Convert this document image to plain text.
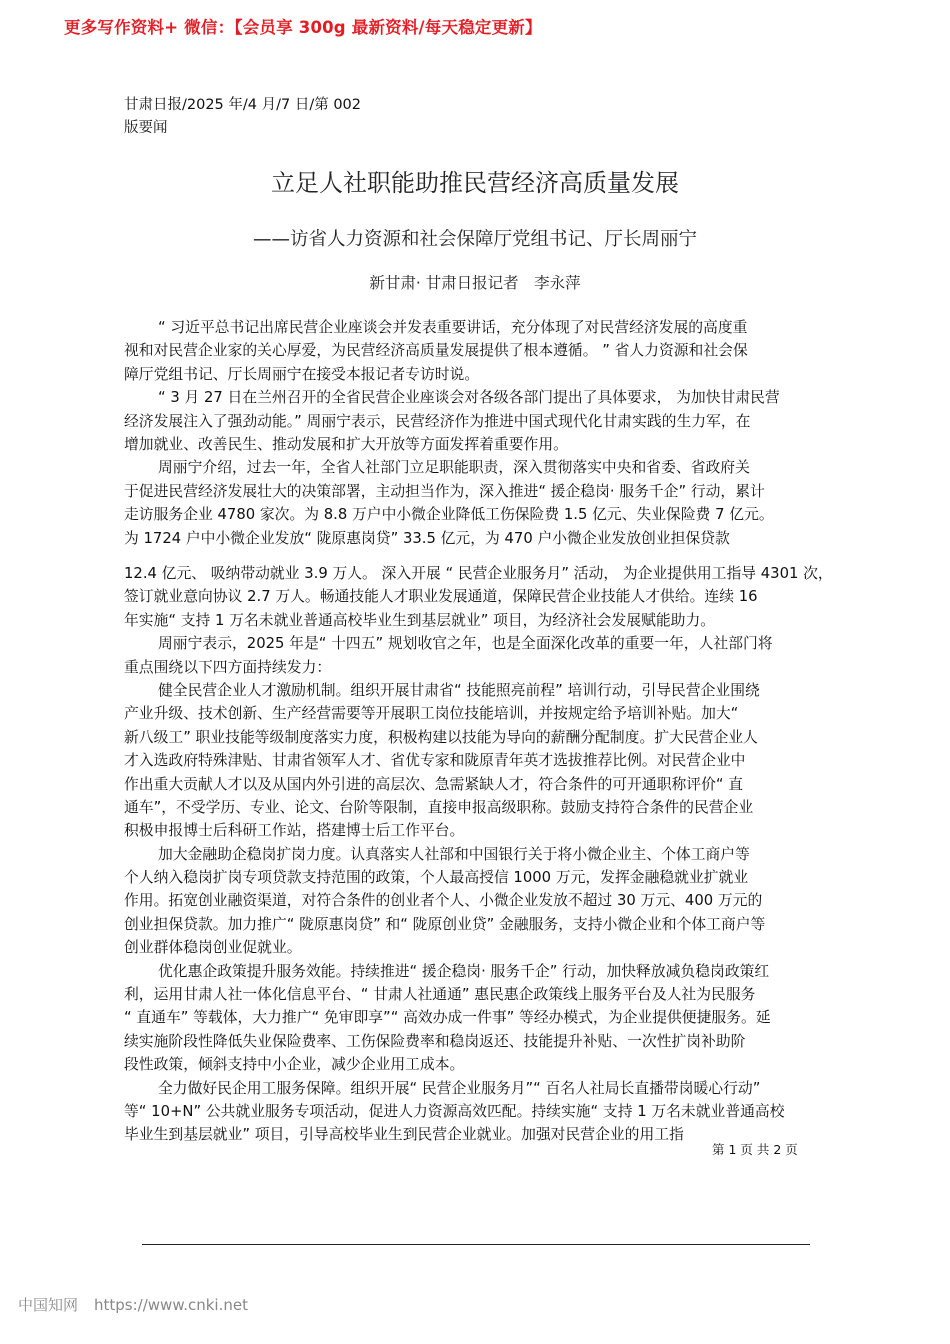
更多写作资料+ 微信：【会员享 300g 最新资料/每天稳定更新】
甘肃日报/2025 年/4 月/7 日/第 002
版要闻
立足人社职能助推民营经济高质量发展
——访省人力资源和社会保障厅党组书记、厅长周丽宁
新甘肃· 甘肃日报记者　李永萍
“ 习近平总书记出席民营企业座谈会并发表重要讲话，充分体现了对民营经济发展的高度重
视和对民营企业家的关心厚爱，为民营经济高质量发展提供了根本遵循。 ” 省人力资源和社会保
障厅党组书记、厅长周丽宁在接受本报记者专访时说。
“ 3 月 27 日在兰州召开的全省民营企业座谈会对各级各部门提出了具体要求， 为加快甘肃民营
经济发展注入了强劲动能。” 周丽宁表示，民营经济作为推进中国式现代化甘肃实践的生力军，在
增加就业、改善民生、推动发展和扩大开放等方面发挥着重要作用。
周丽宁介绍，过去一年，全省人社部门立足职能职责，深入贯彻落实中央和省委、省政府关
于促进民营经济发展壮大的决策部署，主动担当作为，深入推进“ 援企稳岗· 服务千企” 行动，累计
走访服务企业 4780 家次。为 8.8 万户中小微企业降低工伤保险费 1.5 亿元、失业保险费 7 亿元。
为 1724 户中小微企业发放“ 陇原惠岗贷” 33.5 亿元，为 470 户小微企业发放创业担保贷款
12.4 亿元、 吸纳带动就业 3.9 万人。 深入开展 “ 民营企业服务月” 活动， 为企业提供用工指导 4301 次，
签订就业意向协议 2.7 万人。畅通技能人才职业发展通道，保障民营企业技能人才供给。连续 16
年实施“ 支持 1 万名未就业普通高校毕业生到基层就业” 项目，为经济社会发展赋能助力。
周丽宁表示，2025 年是“ 十四五” 规划收官之年，也是全面深化改革的重要一年，人社部门将
重点围绕以下四方面持续发力：
健全民营企业人才激励机制。组织开展甘肃省“ 技能照亮前程” 培训行动，引导民营企业围绕
产业升级、技术创新、生产经营需要等开展职工岗位技能培训，并按规定给予培训补贴。加大“
新八级工” 职业技能等级制度落实力度，积极构建以技能为导向的薪酬分配制度。扩大民营企业人
才入选政府特殊津贴、甘肃省领军人才、省优专家和陇原青年英才选拔推荐比例。对民营企业中
作出重大贡献人才以及从国内外引进的高层次、急需紧缺人才，符合条件的可开通职称评价“ 直
通车”，不受学历、专业、论文、台阶等限制，直接申报高级职称。鼓励支持符合条件的民营企业
积极申报博士后科研工作站，搭建博士后工作平台。
加大金融助企稳岗扩岗力度。认真落实人社部和中国银行关于将小微企业主、个体工商户等
个人纳入稳岗扩岗专项贷款支持范围的政策，个人最高授信 1000 万元，发挥金融稳就业扩就业
作用。拓宽创业融资渠道，对符合条件的创业者个人、小微企业发放不超过 30 万元、400 万元的
创业担保贷款。加力推广“ 陇原惠岗贷” 和“ 陇原创业贷” 金融服务，支持小微企业和个体工商户等
创业群体稳岗创业促就业。
优化惠企政策提升服务效能。持续推进“ 援企稳岗· 服务千企” 行动，加快释放减负稳岗政策红
利，运用甘肃人社一体化信息平台、“ 甘肃人社通通” 惠民惠企政策线上服务平台及人社为民服务
“ 直通车” 等载体，大力推广“ 免审即享”“ 高效办成一件事” 等经办模式，为企业提供便捷服务。延
续实施阶段性降低失业保险费率、工伤保险费率和稳岗返还、技能提升补贴、一次性扩岗补助阶
段性政策，倾斜支持中小企业，减少企业用工成本。
全力做好民企用工服务保障。组织开展“ 民营企业服务月”“ 百名人社局长直播带岗暖心行动”
等“ 10+N” 公共就业服务专项活动，促进人力资源高效匹配。持续实施“ 支持 1 万名未就业普通高校
毕业生到基层就业” 项目，引导高校毕业生到民营企业就业。加强对民营企业的用工指
第 1 页 共 2 页
中国知网 https://www.cnki.net
